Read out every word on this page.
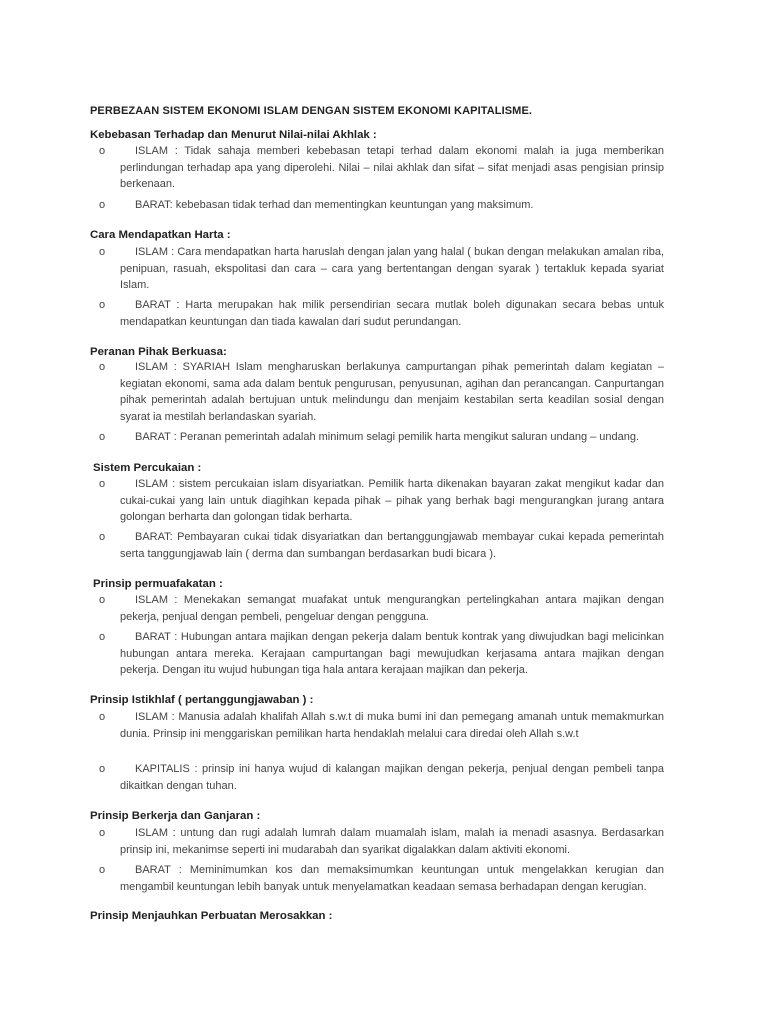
PERBEZAAN SISTEM EKONOMI ISLAM DENGAN SISTEM EKONOMI KAPITALISME.
Kebebasan Terhadap dan Menurut Nilai-nilai Akhlak :
o	ISLAM : Tidak sahaja memberi kebebasan tetapi terhad dalam ekonomi malah ia juga memberikan perlindungan terhadap apa yang diperolehi. Nilai – nilai akhlak dan sifat – sifat menjadi asas pengisian prinsip berkenaan.
o	BARAT: kebebasan tidak terhad dan mementingkan keuntungan yang maksimum.
Cara Mendapatkan Harta :
o	ISLAM : Cara mendapatkan harta haruslah dengan jalan yang halal ( bukan dengan melakukan amalan riba, penipuan, rasuah, ekspolitasi dan cara – cara yang bertentangan dengan syarak ) tertakluk kepada syariat Islam.
o	BARAT : Harta merupakan hak milik persendirian secara mutlak boleh digunakan secara bebas untuk mendapatkan keuntungan dan tiada kawalan dari sudut perundangan.
Peranan Pihak Berkuasa:
o	ISLAM : SYARIAH Islam mengharuskan berlakunya campurtangan pihak pemerintah dalam kegiatan – kegiatan ekonomi, sama ada dalam bentuk pengurusan, penyusunan, agihan dan perancangan. Canpurtangan pihak pemerintah adalah bertujuan untuk melindungu dan menjaim kestabilan serta keadilan sosial dengan syarat ia mestilah berlandaskan syariah.
o	BARAT : Peranan pemerintah adalah minimum selagi pemilik harta mengikut saluran undang – undang.
Sistem Percukaian :
o	ISLAM : sistem percukaian islam disyariatkan. Pemilik harta dikenakan bayaran zakat mengikut kadar dan cukai-cukai yang lain untuk diagihkan kepada pihak – pihak yang berhak bagi mengurangkan jurang antara golongan berharta dan golongan tidak berharta.
o	BARAT: Pembayaran cukai tidak disyariatkan dan bertanggungjawab membayar cukai kepada pemerintah serta tanggungjawab lain ( derma dan sumbangan berdasarkan budi bicara ).
Prinsip permuafakatan :
o	ISLAM : Menekakan semangat muafakat untuk mengurangkan pertelingkahan antara majikan dengan pekerja, penjual dengan pembeli, pengeluar dengan pengguna.
o	BARAT : Hubungan antara majikan dengan pekerja dalam bentuk kontrak yang diwujudkan bagi melicinkan hubungan antara mereka. Kerajaan campurtangan bagi mewujudkan kerjasama antara majikan dengan pekerja. Dengan itu wujud hubungan tiga hala antara kerajaan majikan dan pekerja.
Prinsip Istikhlaf ( pertanggungjawaban ) :
o	ISLAM : Manusia adalah khalifah Allah s.w.t di muka bumi ini dan pemegang amanah untuk memakmurkan dunia. Prinsip ini menggariskan pemilikan harta hendaklah melalui cara diredai oleh Allah s.w.t
o	KAPITALIS : prinsip ini hanya wujud di kalangan majikan dengan pekerja, penjual dengan pembeli tanpa dikaitkan dengan tuhan.
Prinsip Berkerja dan Ganjaran :
o	ISLAM : untung dan rugi adalah lumrah dalam muamalah islam, malah ia menadi asasnya. Berdasarkan prinsip ini, mekanimse seperti ini mudarabah dan syarikat digalakkan dalam aktiviti ekonomi.
o	BARAT : Meminimumkan kos dan memaksimumkan keuntungan untuk mengelakkan kerugian dan mengambil keuntungan lebih banyak untuk menyelamatkan keadaan semasa berhadapan dengan kerugian.
Prinsip Menjauhkan Perbuatan Merosakkan :
